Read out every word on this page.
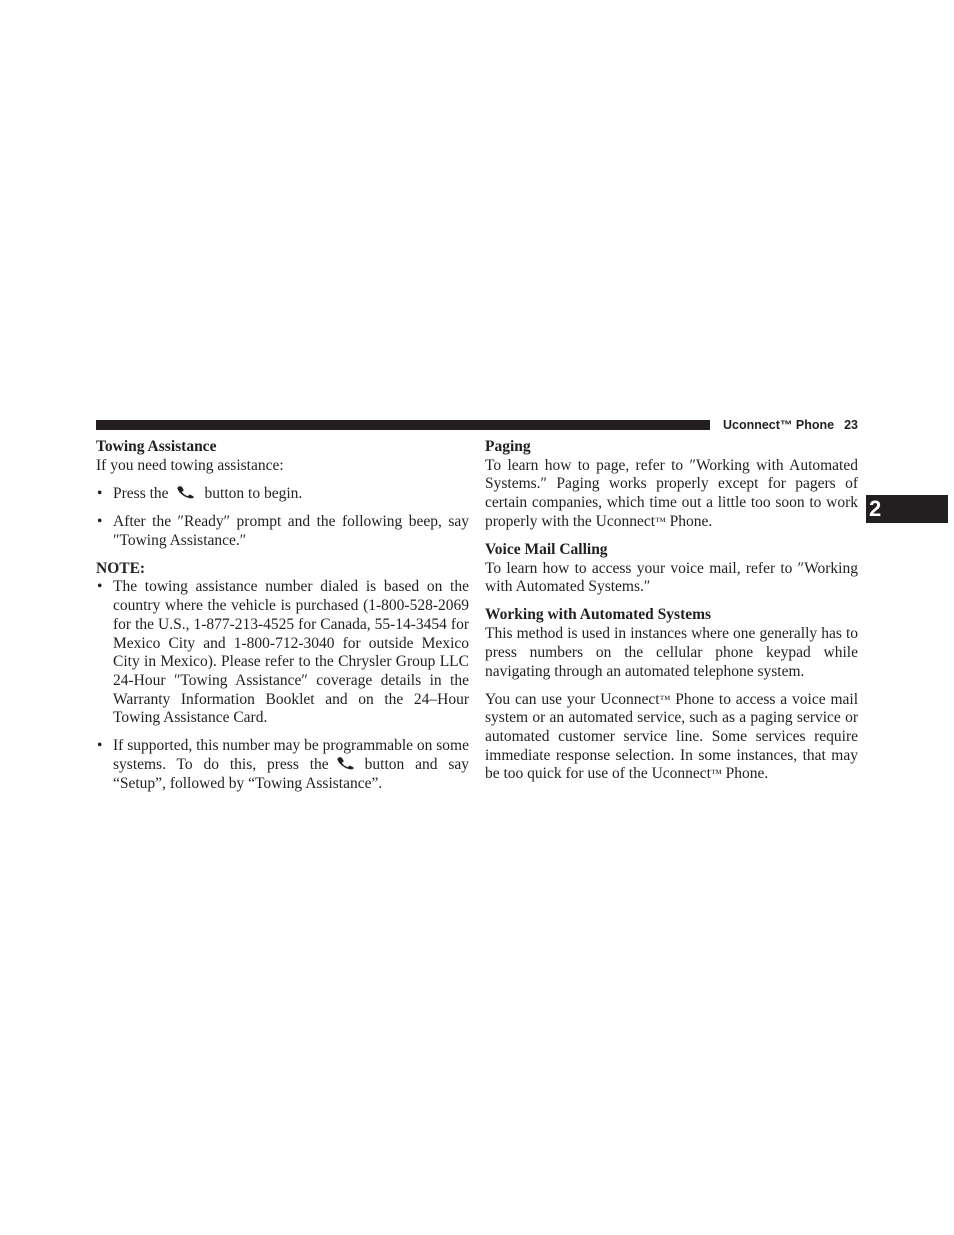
Uconnect™ Phone 23
2
Towing Assistance

If you need towing assistance:

• Press the button to begin.
• After the ″Ready″ prompt and the following beep, say ″Towing Assistance.″
NOTE:
• The towing assistance number dialed is based on the country where the vehicle is purchased (1-800-528-2069 for the U.S., 1-877-213-4525 for Canada, 55-14-3454 for Mexico City and 1-800-712-3040 for outside Mexico City in Mexico). Please refer to the Chrysler Group LLC 24-Hour ″Towing Assistance″ coverage details in the Warranty Information Booklet and on the 24–Hour Towing Assistance Card.
• If supported, this number may be programmable on some systems. To do this, press the button and say “Setup”, followed by “Towing Assistance”.
Paging

To learn how to page, refer to ″Working with Automated Systems.″ Paging works properly except for pagers of certain companies, which time out a little too soon to work properly with the Uconnect™ Phone.

Voice Mail Calling

To learn how to access your voice mail, refer to ″Working with Automated Systems.″

Working with Automated Systems

This method is used in instances where one generally has to press numbers on the cellular phone keypad while navigating through an automated telephone system.

You can use your Uconnect™ Phone to access a voice mail system or an automated service, such as a paging service or automated customer service line. Some services require immediate response selection. In some instances, that may be too quick for use of the Uconnect™ Phone.
